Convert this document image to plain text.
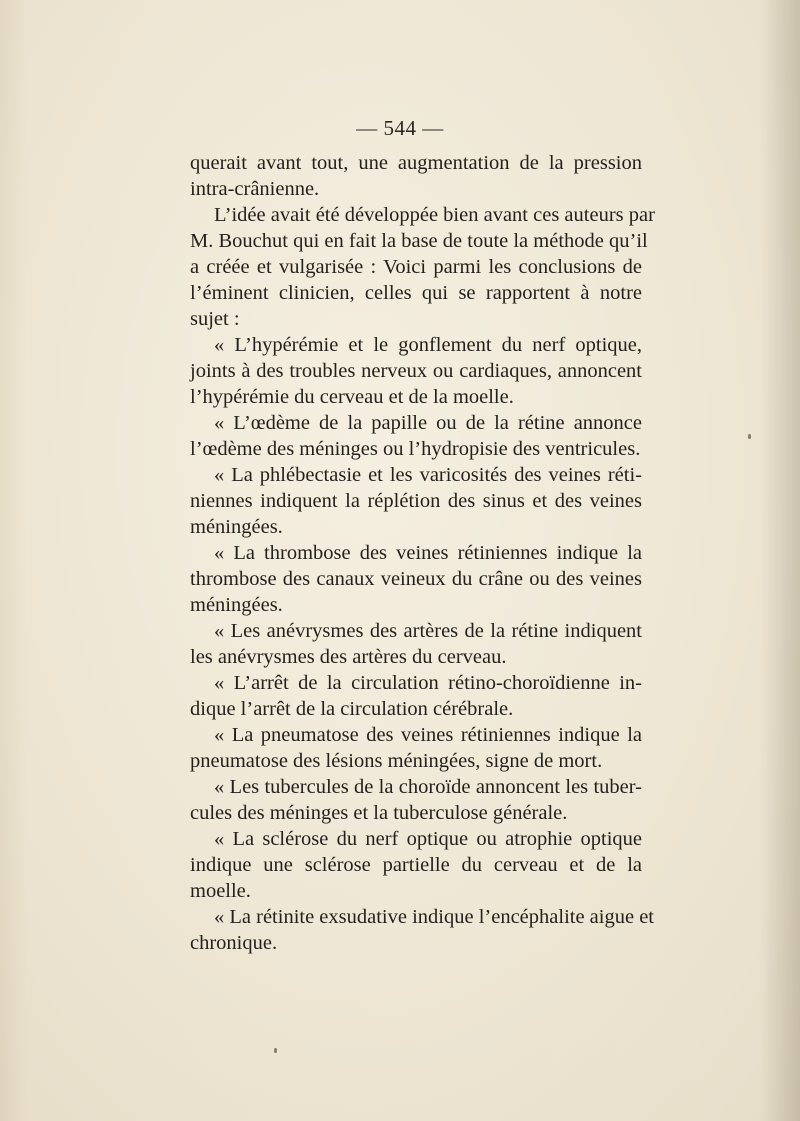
— 544 —
querait avant tout, une augmentation de la pression
intra-crânienne.
L’idée avait été développée bien avant ces auteurs par
M. Bouchut qui en fait la base de toute la méthode qu’il
a créée et vulgarisée : Voici parmi les conclusions de
l’éminent clinicien, celles qui se rapportent à notre
sujet :
« L’hypérémie et le gonflement du nerf optique,
joints à des troubles nerveux ou cardiaques, annoncent
l’hypérémie du cerveau et de la moelle.
« L’œdème de la papille ou de la rétine annonce
l’œdème des méninges ou l’hydropisie des ventricules.
« La phlébectasie et les varicosités des veines réti-
niennes indiquent la réplétion des sinus et des veines
méningées.
« La thrombose des veines rétiniennes indique la
thrombose des canaux veineux du crâne ou des veines
méningées.
« Les anévrysmes des artères de la rétine indiquent
les anévrysmes des artères du cerveau.
« L’arrêt de la circulation rétino-choroïdienne in-
dique l’arrêt de la circulation cérébrale.
« La pneumatose des veines rétiniennes indique la
pneumatose des lésions méningées, signe de mort.
« Les tubercules de la choroïde annoncent les tuber-
cules des méninges et la tuberculose générale.
« La sclérose du nerf optique ou atrophie optique
indique une sclérose partielle du cerveau et de la
moelle.
« La rétinite exsudative indique l’encéphalite aigue et
chronique.
